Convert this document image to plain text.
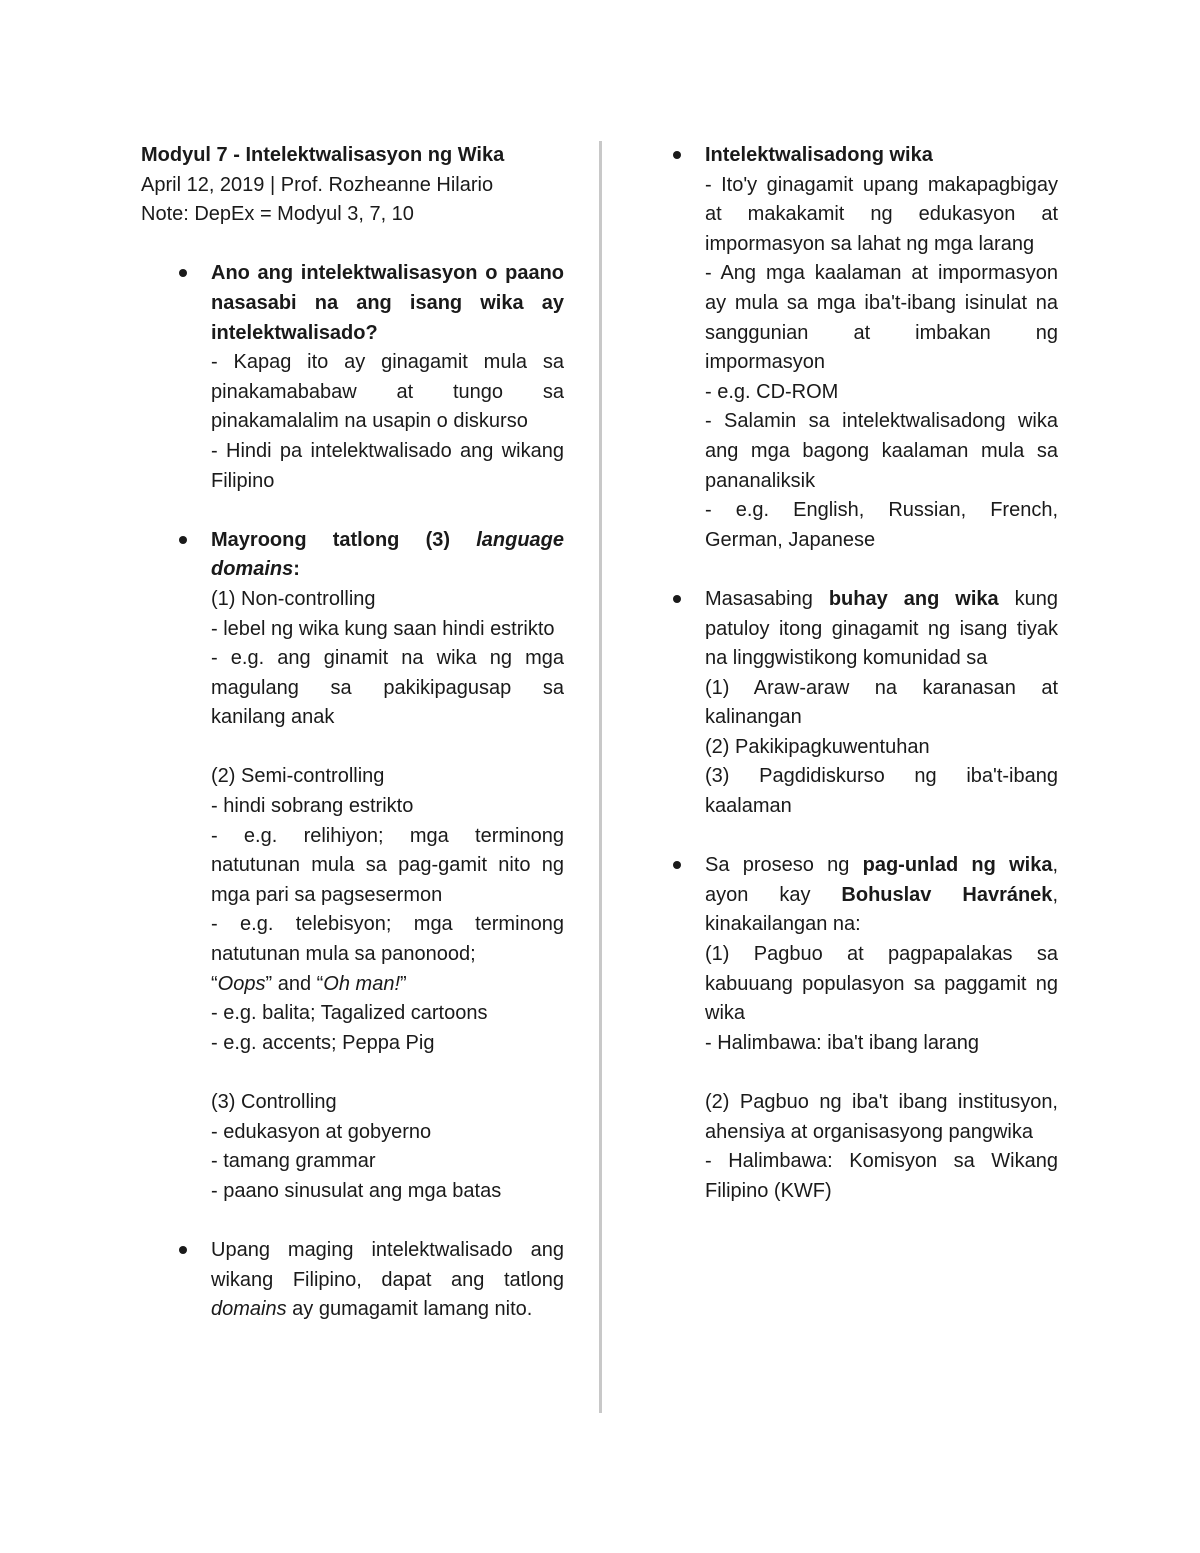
Modyul 7 - Intelektwalisasyon ng Wika
April 12, 2019 | Prof. Rozheanne Hilario
Note: DepEx = Modyul 3, 7, 10
Ano ang intelektwalisasyon o paano nasasabi na ang isang wika ay intelektwalisado?
- Kapag ito ay ginagamit mula sa pinakamababaw at tungo sa pinakamalalim na usapin o diskurso
- Hindi pa intelektwalisado ang wikang Filipino
Mayroong tatlong (3) language domains:
(1) Non-controlling
- lebel ng wika kung saan hindi estrikto
- e.g. ang ginamit na wika ng mga magulang sa pakikipagusap sa kanilang anak
(2) Semi-controlling
- hindi sobrang estrikto
- e.g. relihiyon; mga terminong natutunan mula sa pag-gamit nito ng mga pari sa pagsesermon
- e.g. telebisyon; mga terminong natutunan mula sa panonood;
“Oops” and “Oh man!”
- e.g. balita; Tagalized cartoons
- e.g. accents; Peppa Pig
(3) Controlling
- edukasyon at gobyerno
- tamang grammar
- paano sinusulat ang mga batas
Upang maging intelektwalisado ang wikang Filipino, dapat ang tatlong domains ay gumagamit lamang nito.
Intelektwalisadong wika
- Ito'y ginagamit upang makapagbigay at makakamit ng edukasyon at impormasyon sa lahat ng mga larang
- Ang mga kaalaman at impormasyon ay mula sa mga iba't-ibang isinulat na sanggunian at imbakan ng impormasyon
- e.g. CD-ROM
- Salamin sa intelektwalisadong wika ang mga bagong kaalaman mula sa pananaliksik
- e.g. English, Russian, French, German, Japanese
Masasabing buhay ang wika kung patuloy itong ginagamit ng isang tiyak na linggwistikong komunidad sa
(1) Araw-araw na karanasan at kalinangan
(2) Pakikipagkuwentuhan
(3) Pagdidiskurso ng iba't-ibang kaalaman
Sa proseso ng pag-unlad ng wika, ayon kay Bohuslav Havránek, kinakailangan na:
(1) Pagbuo at pagpapalakas sa kabuuang populasyon sa paggamit ng wika
- Halimbawa: iba't ibang larang
(2) Pagbuo ng iba't ibang institusyon, ahensiya at organisasyong pangwika
- Halimbawa: Komisyon sa Wikang Filipino (KWF)
